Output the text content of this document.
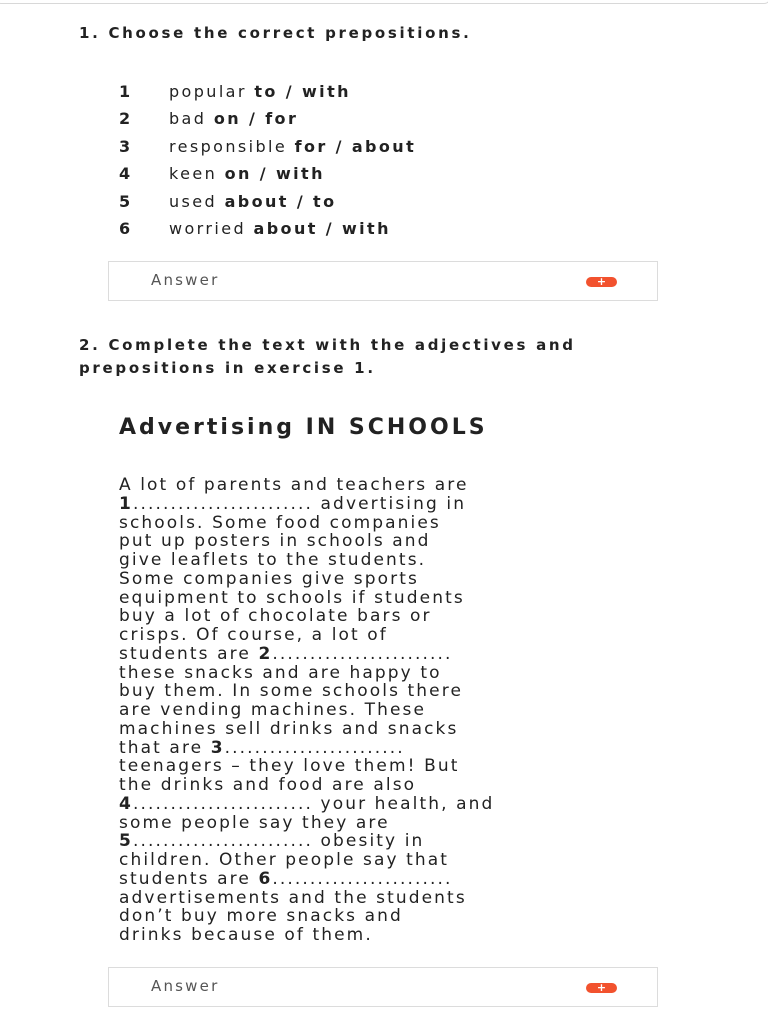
1. Choose the correct prepositions.
1 popular to / with
2 bad on / for
3 responsible for / about
4 keen on / with
5 used about / to
6 worried about / with
Answer	+
2. Complete the text with the adjectives and prepositions in exercise 1.
Advertising IN SCHOOLS

A lot of parents and teachers are
1........................ advertising in
schools. Some food companies
put up posters in schools and
give leaflets to the students.
Some companies give sports
equipment to schools if students
buy a lot of chocolate bars or
crisps. Of course, a lot of
students are 2........................
these snacks and are happy to
buy them. In some schools there
are vending machines. These
machines sell drinks and snacks
that are 3........................
teenagers – they love them! But
the drinks and food are also
4........................ your health, and
some people say they are
5........................ obesity in
children. Other people say that
students are 6........................
advertisements and the students
don’t buy more snacks and
drinks because of them.

Answer	+
